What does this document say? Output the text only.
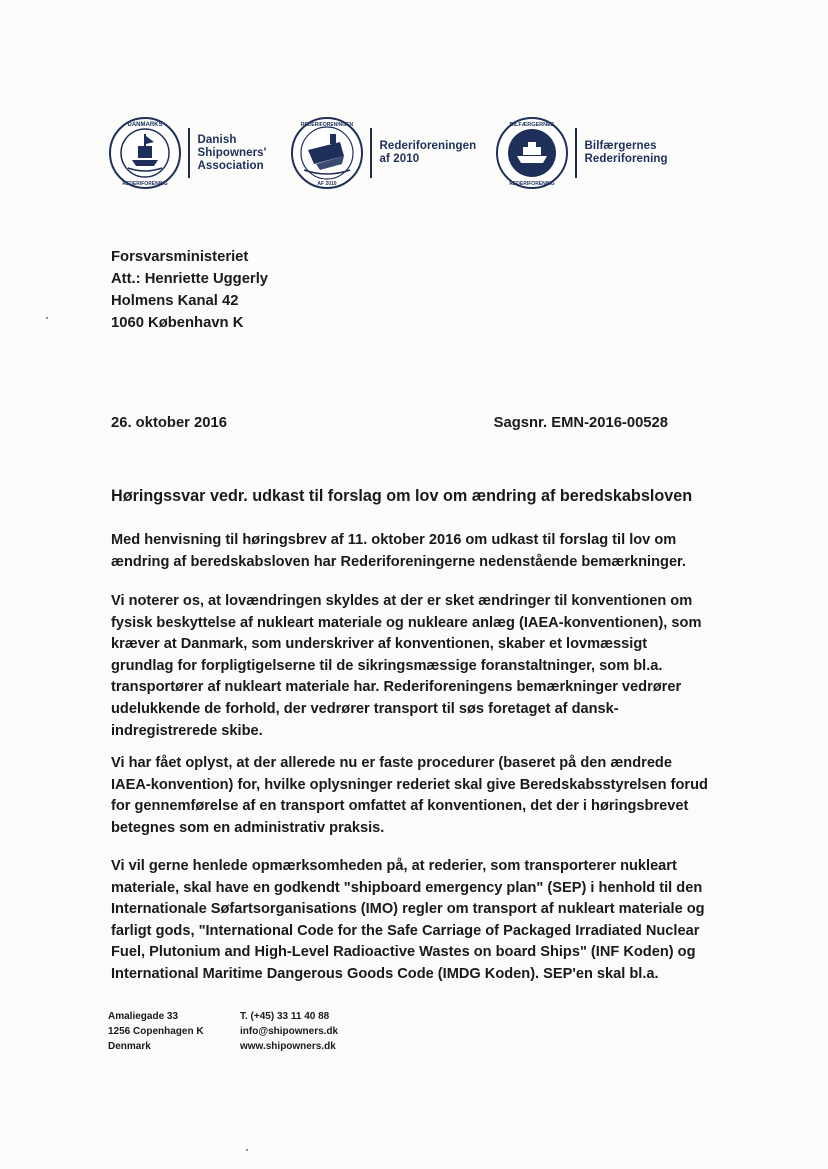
DANMARKS
REDERIFORENING
Danish
Shipowners'
Association
REDERIFORENINGEN
AF 2010
Rederiforeningen
af 2010
BILFÆRGERNES
REDERIFORENING
Bilfærgernes
Rederiforening
Forsvarsministeriet
Att.: Henriette Uggerly
Holmens Kanal 42
1060 København K
26. oktober 2016	Sagsnr. EMN-2016-00528
Høringssvar vedr. udkast til forslag om lov om ændring af beredskabsloven
Med henvisning til høringsbrev af 11. oktober 2016 om udkast til forslag til lov om
ændring af beredskabsloven har Rederiforeningerne nedenstående bemærkninger.
Vi noterer os, at lovændringen skyldes at der er sket ændringer til konventionen om
fysisk beskyttelse af nukleart materiale og nukleare anlæg (IAEA-konventionen), som
kræver at Danmark, som underskriver af konventionen, skaber et lovmæssigt
grundlag for forpligtigelserne til de sikringsmæssige foranstaltninger, som bl.a.
transportører af nukleart materiale har. Rederiforeningens bemærkninger vedrører
udelukkende de forhold, der vedrører transport til søs foretaget af dansk-
indregistrerede skibe.
Vi har fået oplyst, at der allerede nu er faste procedurer (baseret på den ændrede
IAEA-konvention) for, hvilke oplysninger rederiet skal give Beredskabsstyrelsen forud
for gennemførelse af en transport omfattet af konventionen, det der i høringsbrevet
betegnes som en administrativ praksis.
Vi vil gerne henlede opmærksomheden på, at rederier, som transporterer nukleart
materiale, skal have en godkendt "shipboard emergency plan" (SEP) i henhold til den
Internationale Søfartsorganisations (IMO) regler om transport af nukleart materiale og
farligt gods, "International Code for the Safe Carriage of Packaged Irradiated Nuclear
Fuel, Plutonium and High-Level Radioactive Wastes on board Ships" (INF Koden) og
International Maritime Dangerous Goods Code (IMDG Koden). SEP'en skal bl.a.
Amaliegade 33
1256 Copenhagen K
Denmark
T. (+45) 33 11 40 88
info@shipowners.dk
www.shipowners.dk
